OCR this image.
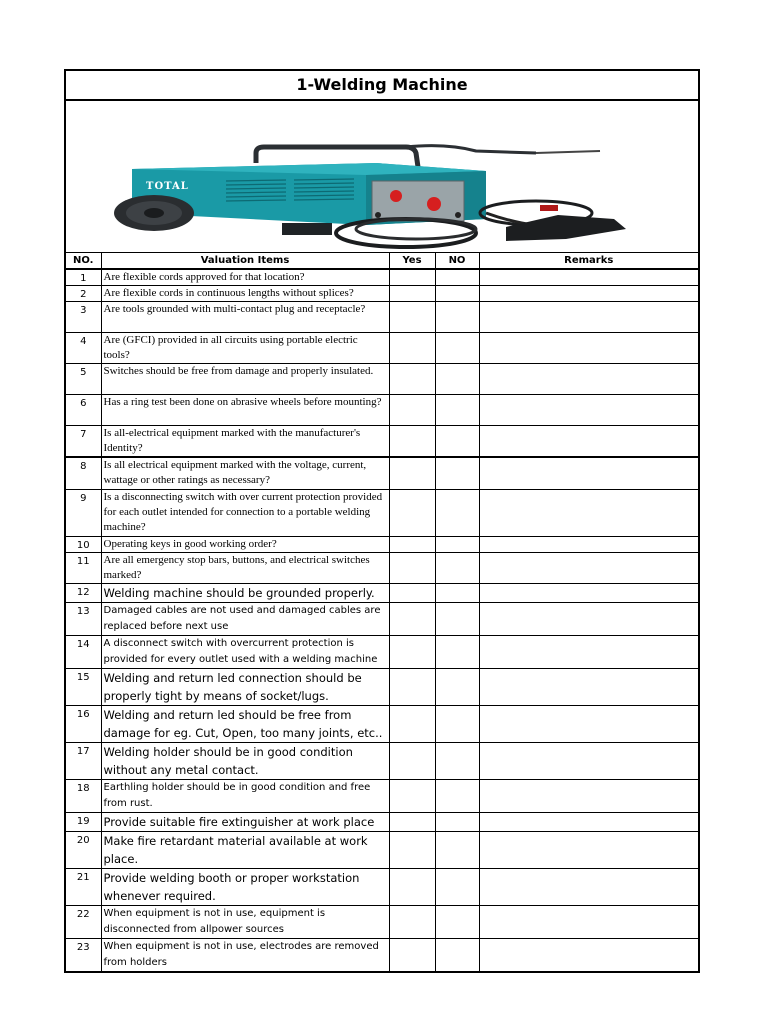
1-Welding Machine
TOTAL
NO.	Valuation Items	Yes	NO	Remarks
1	Are flexible cords approved for that location?			
2	Are flexible cords in continuous lengths without splices?			
3	Are tools grounded with multi-contact plug and receptacle?			
4	Are (GFCI) provided in all circuits using portable electric tools?			
5	Switches should be free from damage and properly insulated.			
6	Has a ring test been done on abrasive wheels before mounting?			
7	Is all-electrical equipment marked with the manufacturer's Identity?			
8	Is all electrical equipment marked with the voltage, current, wattage or other ratings as necessary?			
9	Is a disconnecting switch with over current protection provided for each outlet intended for connection to a portable welding machine?			
10	Operating keys in good working order?			
11	Are all emergency stop bars, buttons, and electrical switches marked?			
12	Welding machine should be grounded properly.			
13	Damaged cables are not used and damaged cables are replaced before next use			
14	A disconnect switch with overcurrent protection is provided for every outlet used with a welding machine			
15	Welding and return led connection should be properly tight by means of socket/lugs.			
16	Welding and return led should be free from damage for eg. Cut, Open, too many joints, etc..			
17	Welding holder should be in good condition without any metal contact.			
18	Earthling holder should be in good condition and free from rust.			
19	Provide suitable fire extinguisher at work place			
20	Make fire retardant material available at work place.			
21	Provide welding booth or proper workstation whenever required.			
22	When equipment is not in use, equipment is disconnected from allpower sources			
23	When equipment is not in use, electrodes are removed from holders			
